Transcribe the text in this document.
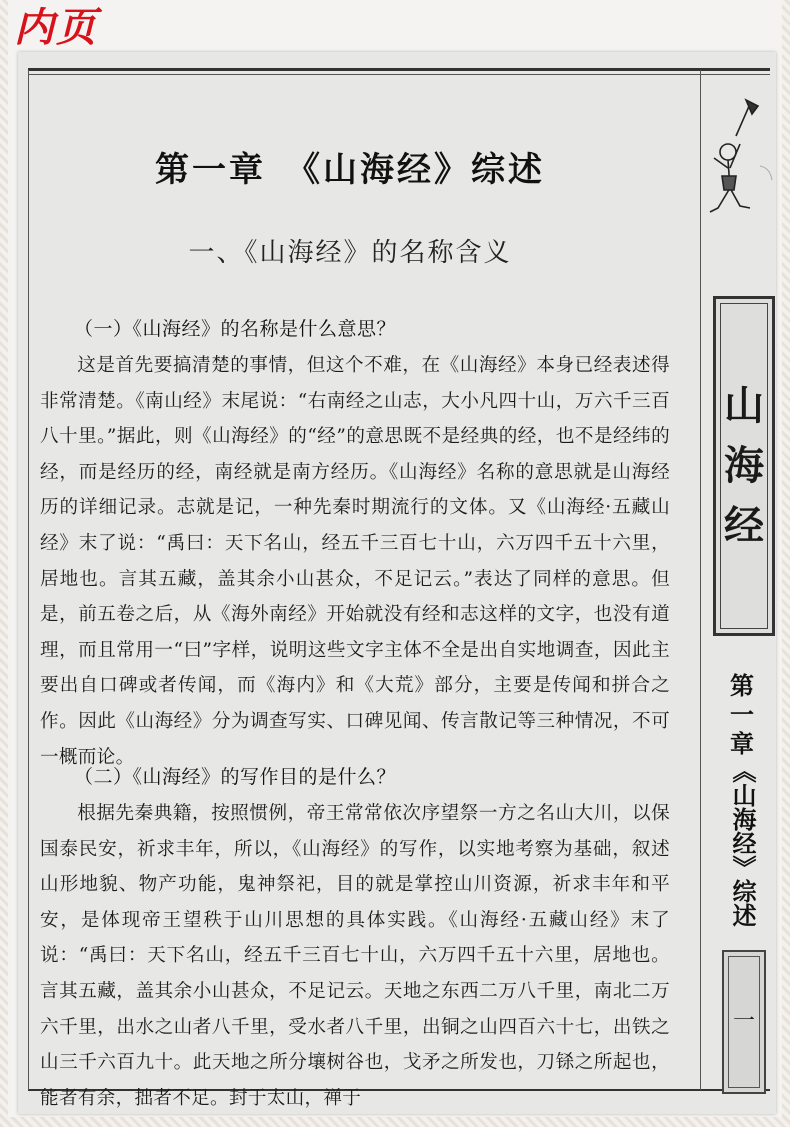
内页
山
海
经
第
一
章
《山海经》综述
一
第一章　《山海经》综述
一、《山海经》的名称含义
（一）《山海经》的名称是什么意思？

这是首先要搞清楚的事情，但这个不难，在《山海经》本身已经表述得非常清楚。《南山经》末尾说：“右南经之山志，大小凡四十山，万六千三百八十里。”据此，则《山海经》的“经”的意思既不是经典的经，也不是经纬的经，而是经历的经，南经就是南方经历。《山海经》名称的意思就是山海经历的详细记录。志就是记，一种先秦时期流行的文体。又《山海经·五藏山经》末了说：“禹曰：天下名山，经五千三百七十山，六万四千五十六里，居地也。言其五藏，盖其余小山甚众，不足记云。”表达了同样的意思。但是，前五卷之后，从《海外南经》开始就没有经和志这样的文字，也没有道理，而且常用一“曰”字样，说明这些文字主体不全是出自实地调查，因此主要出自口碑或者传闻，而《海内》和《大荒》部分，主要是传闻和拼合之作。因此《山海经》分为调查写实、口碑见闻、传言散记等三种情况，不可一概而论。

（二）《山海经》的写作目的是什么？

根据先秦典籍，按照惯例，帝王常常依次序望祭一方之名山大川，以保国泰民安，祈求丰年，所以，《山海经》的写作，以实地考察为基础，叙述山形地貌、物产功能，鬼神祭祀，目的就是掌控山川资源，祈求丰年和平安，是体现帝王望秩于山川思想的具体实践。《山海经·五藏山经》末了说：“禹曰：天下名山，经五千三百七十山，六万四千五十六里，居地也。言其五藏，盖其余小山甚众，不足记云。天地之东西二万八千里，南北二万六千里，出水之山者八千里，受水者八千里，出铜之山四百六十七，出铁之山三千六百九十。此天地之所分壤树谷也，戈矛之所发也，刀铩之所起也，能者有余，拙者不足。封于太山，禅于
